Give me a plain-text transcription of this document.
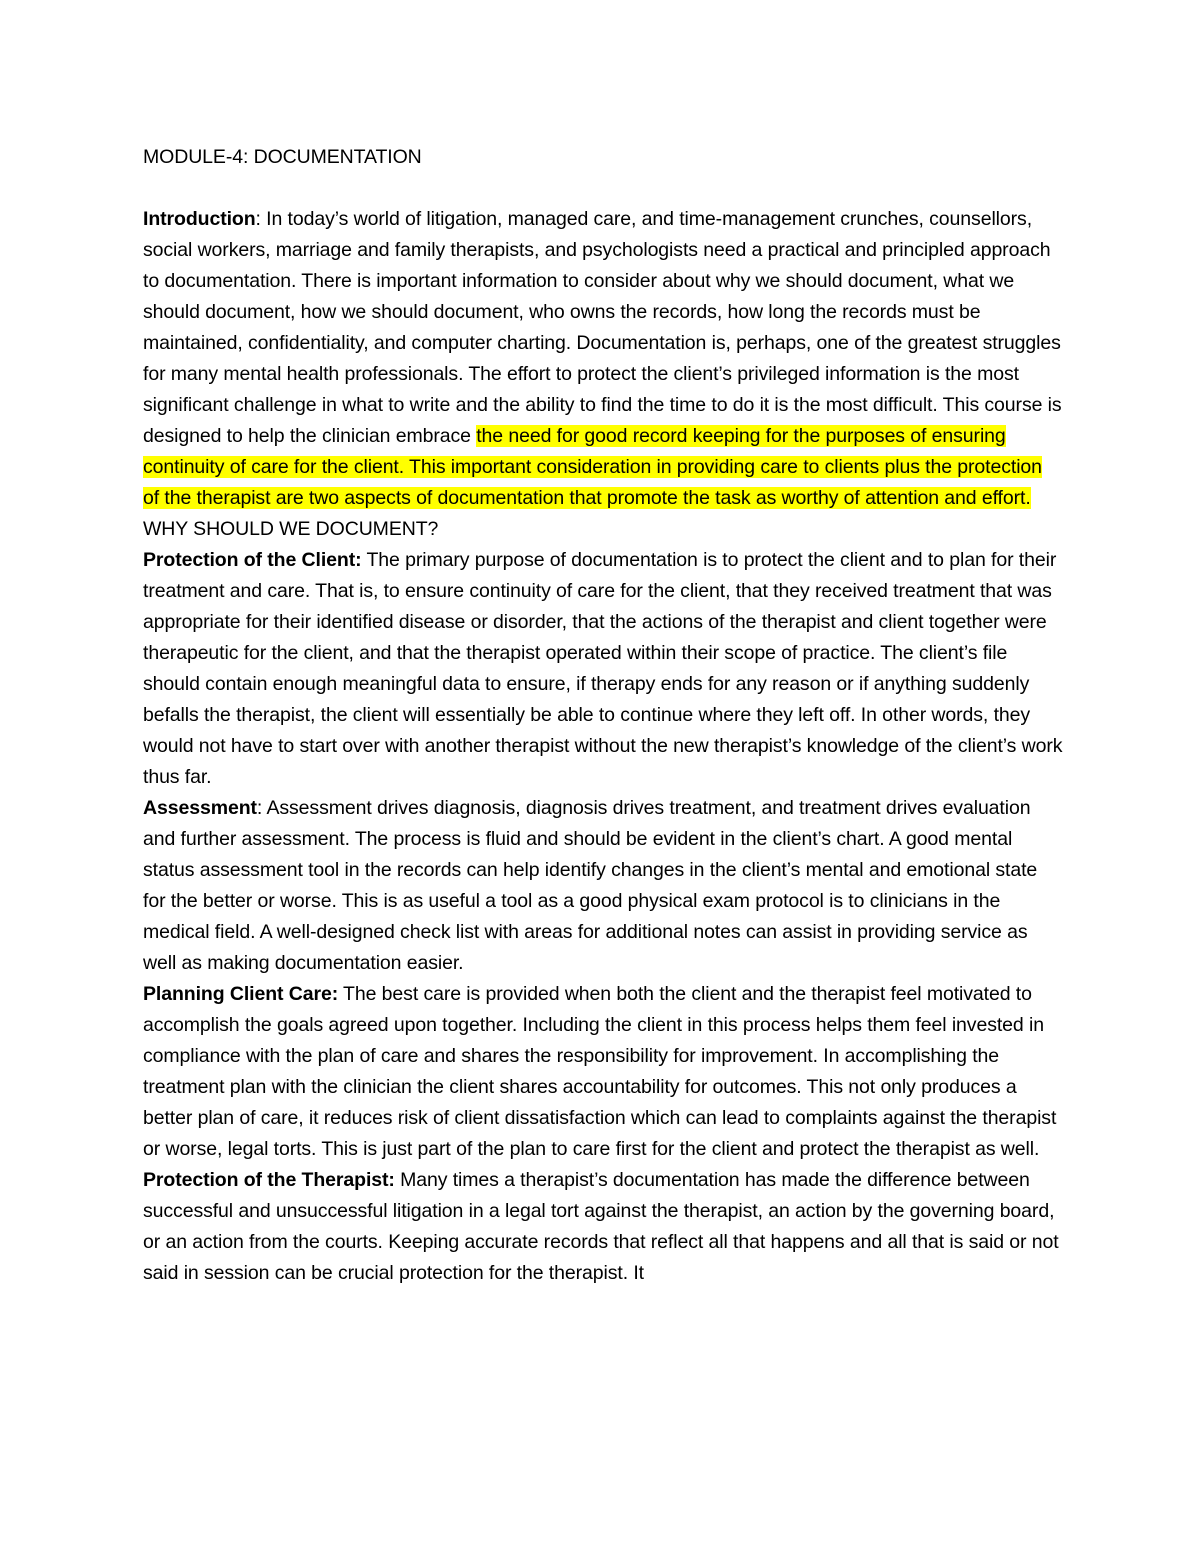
MODULE-4: DOCUMENTATION

Introduction: In today’s world of litigation, managed care, and time-management crunches, counsellors, social workers, marriage and family therapists, and psychologists need a practical and principled approach to documentation. There is important information to consider about why we should document, what we should document, how we should document, who owns the records, how long the records must be maintained, confidentiality, and computer charting. Documentation is, perhaps, one of the greatest struggles for many mental health professionals. The effort to protect the client’s privileged information is the most significant challenge in what to write and the ability to find the time to do it is the most difficult. This course is designed to help the clinician embrace the need for good record keeping for the purposes of ensuring continuity of care for the client. This important consideration in providing care to clients plus the protection of the therapist are two aspects of documentation that promote the task as worthy of attention and effort.

WHY SHOULD WE DOCUMENT?

Protection of the Client: The primary purpose of documentation is to protect the client and to plan for their treatment and care. That is, to ensure continuity of care for the client, that they received treatment that was appropriate for their identified disease or disorder, that the actions of the therapist and client together were therapeutic for the client, and that the therapist operated within their scope of practice. The client’s file should contain enough meaningful data to ensure, if therapy ends for any reason or if anything suddenly befalls the therapist, the client will essentially be able to continue where they left off. In other words, they would not have to start over with another therapist without the new therapist’s knowledge of the client’s work thus far.

Assessment: Assessment drives diagnosis, diagnosis drives treatment, and treatment drives evaluation and further assessment. The process is fluid and should be evident in the client’s chart. A good mental status assessment tool in the records can help identify changes in the client’s mental and emotional state for the better or worse. This is as useful a tool as a good physical exam protocol is to clinicians in the medical field. A well-designed check list with areas for additional notes can assist in providing service as well as making documentation easier.

Planning Client Care: The best care is provided when both the client and the therapist feel motivated to accomplish the goals agreed upon together. Including the client in this process helps them feel invested in compliance with the plan of care and shares the responsibility for improvement. In accomplishing the treatment plan with the clinician the client shares accountability for outcomes. This not only produces a better plan of care, it reduces risk of client dissatisfaction which can lead to complaints against the therapist or worse, legal torts. This is just part of the plan to care first for the client and protect the therapist as well.

Protection of the Therapist: Many times a therapist’s documentation has made the difference between successful and unsuccessful litigation in a legal tort against the therapist, an action by the governing board, or an action from the courts. Keeping accurate records that reflect all that happens and all that is said or not said in session can be crucial protection for the therapist. It
